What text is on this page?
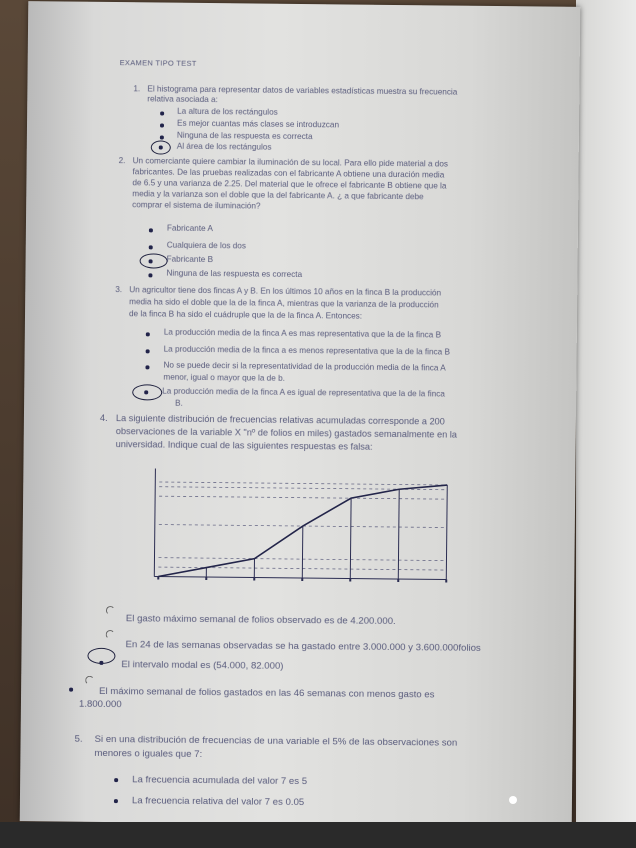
EXAMEN TIPO TEST
1. El histograma para representar datos de variables estadísticas muestra su frecuencia
relativa asociada a:
La altura de los rectángulos
Es mejor cuantas más clases se introduzcan
Ninguna de las respuesta es correcta
Al área de los rectángulos
2. Un comerciante quiere cambiar la iluminación de su local. Para ello pide material a dos
fabricantes. De las pruebas realizadas con el fabricante A obtiene una duración media
de 6.5 y una varianza de 2.25. Del material que le ofrece el fabricante B obtiene que la
media y la varianza son el doble que la del fabricante A. ¿ a que fabricante debe
comprar el sistema de iluminación?
Fabricante A
Cualquiera de los dos
Fabricante B
Ninguna de las respuesta es correcta
3. Un agricultor tiene dos fincas A y B. En los últimos 10 años en la finca B la producción
media ha sido el doble que la de la finca A, mientras que la varianza de la producción
de la finca B ha sido el cuádruple que la de la finca A. Entonces:
La producción media de la finca A es mas representativa que la de la finca B
La producción media de la finca a es menos representativa que la de la finca B
No se puede decir si la representatividad de la producción media de la finca A
menor, igual o mayor que la de b.
La producción media de la finca A es igual de representativa que la de la finca
B.
4. La siguiente distribución de frecuencias relativas acumuladas corresponde a 200
observaciones de la variable X "nº de folios en miles) gastados semanalmente en la
universidad. Indique cual de las siguientes respuestas es falsa:
El gasto máximo semanal de folios observado es de 4.200.000.
En 24 de las semanas observadas se ha gastado entre 3.000.000 y 3.600.000folios
El intervalo modal es (54.000, 82.000)
El máximo semanal de folios gastados en las 46 semanas con menos gasto es
1.800.000
5. Si en una distribución de frecuencias de una variable el 5% de las observaciones son
menores o iguales que 7:
La frecuencia acumulada del valor 7 es 5
La frecuencia relativa del valor 7 es 0.05
